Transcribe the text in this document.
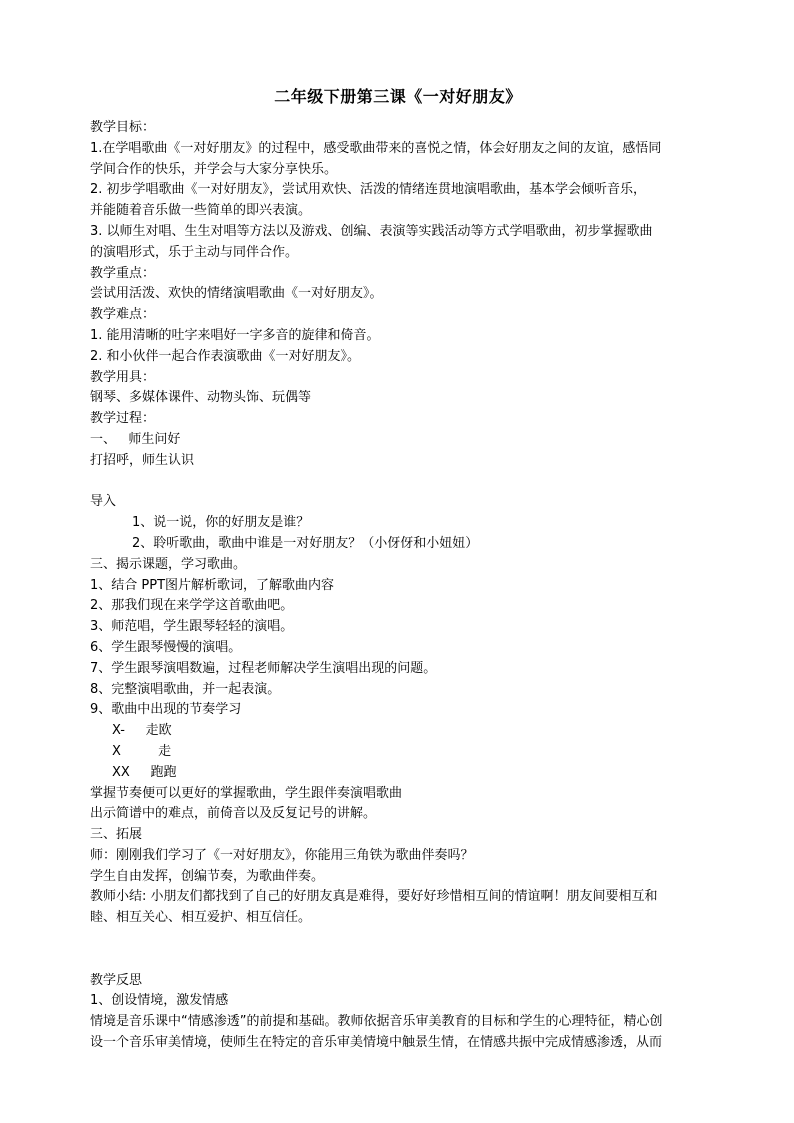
二年级下册第三课《一对好朋友》
教学目标：
1.在学唱歌曲《一对好朋友》的过程中，感受歌曲带来的喜悦之情，体会好朋友之间的友谊，感悟同
学间合作的快乐，并学会与大家分享快乐。
2. 初步学唱歌曲《一对好朋友》，尝试用欢快、活泼的情绪连贯地演唱歌曲，基本学会倾听音乐，
并能随着音乐做一些简单的即兴表演。
3. 以师生对唱、生生对唱等方法以及游戏、创编、表演等实践活动等方式学唱歌曲，初步掌握歌曲
的演唱形式，乐于主动与同伴合作。
教学重点：
尝试用活泼、欢快的情绪演唱歌曲《一对好朋友》。
教学难点：
1. 能用清晰的吐字来唱好一字多音的旋律和倚音。
2. 和小伙伴一起合作表演歌曲《一对好朋友》。
教学用具：
钢琴、多媒体课件、动物头饰、玩偶等
教学过程：
一、   师生问好
打招呼，师生认识
导入
1、说一说，你的好朋友是谁？
2、聆听歌曲，歌曲中谁是一对好朋友？（小伢伢和小妞妞）
三、揭示课题，学习歌曲。
1、结合 PPT图片解析歌词，了解歌曲内容
2、那我们现在来学学这首歌曲吧。
3、师范唱，学生跟琴轻轻的演唱。
6、学生跟琴慢慢的演唱。
7、学生跟琴演唱数遍，过程老师解决学生演唱出现的问题。
8、完整演唱歌曲，并一起表演。
9、歌曲中出现的节奏学习
X-     走欧
X         走
XX     跑跑
掌握节奏便可以更好的掌握歌曲，学生跟伴奏演唱歌曲
出示简谱中的难点，前倚音以及反复记号的讲解。
三、拓展
师：刚刚我们学习了《一对好朋友》，你能用三角铁为歌曲伴奏吗？
学生自由发挥，创编节奏，为歌曲伴奏。
教师小结: 小朋友们都找到了自己的好朋友真是难得，要好好珍惜相互间的情谊啊！朋友间要相互和
睦、相互关心、相互爱护、相互信任。
教学反思
1、创设情境，激发情感
情境是音乐课中“情感渗透”的前提和基础。教师依据音乐审美教育的目标和学生的心理特征，精心创
设一个音乐审美情境，使师生在特定的音乐审美情境中触景生情，在情感共振中完成情感渗透，从而
